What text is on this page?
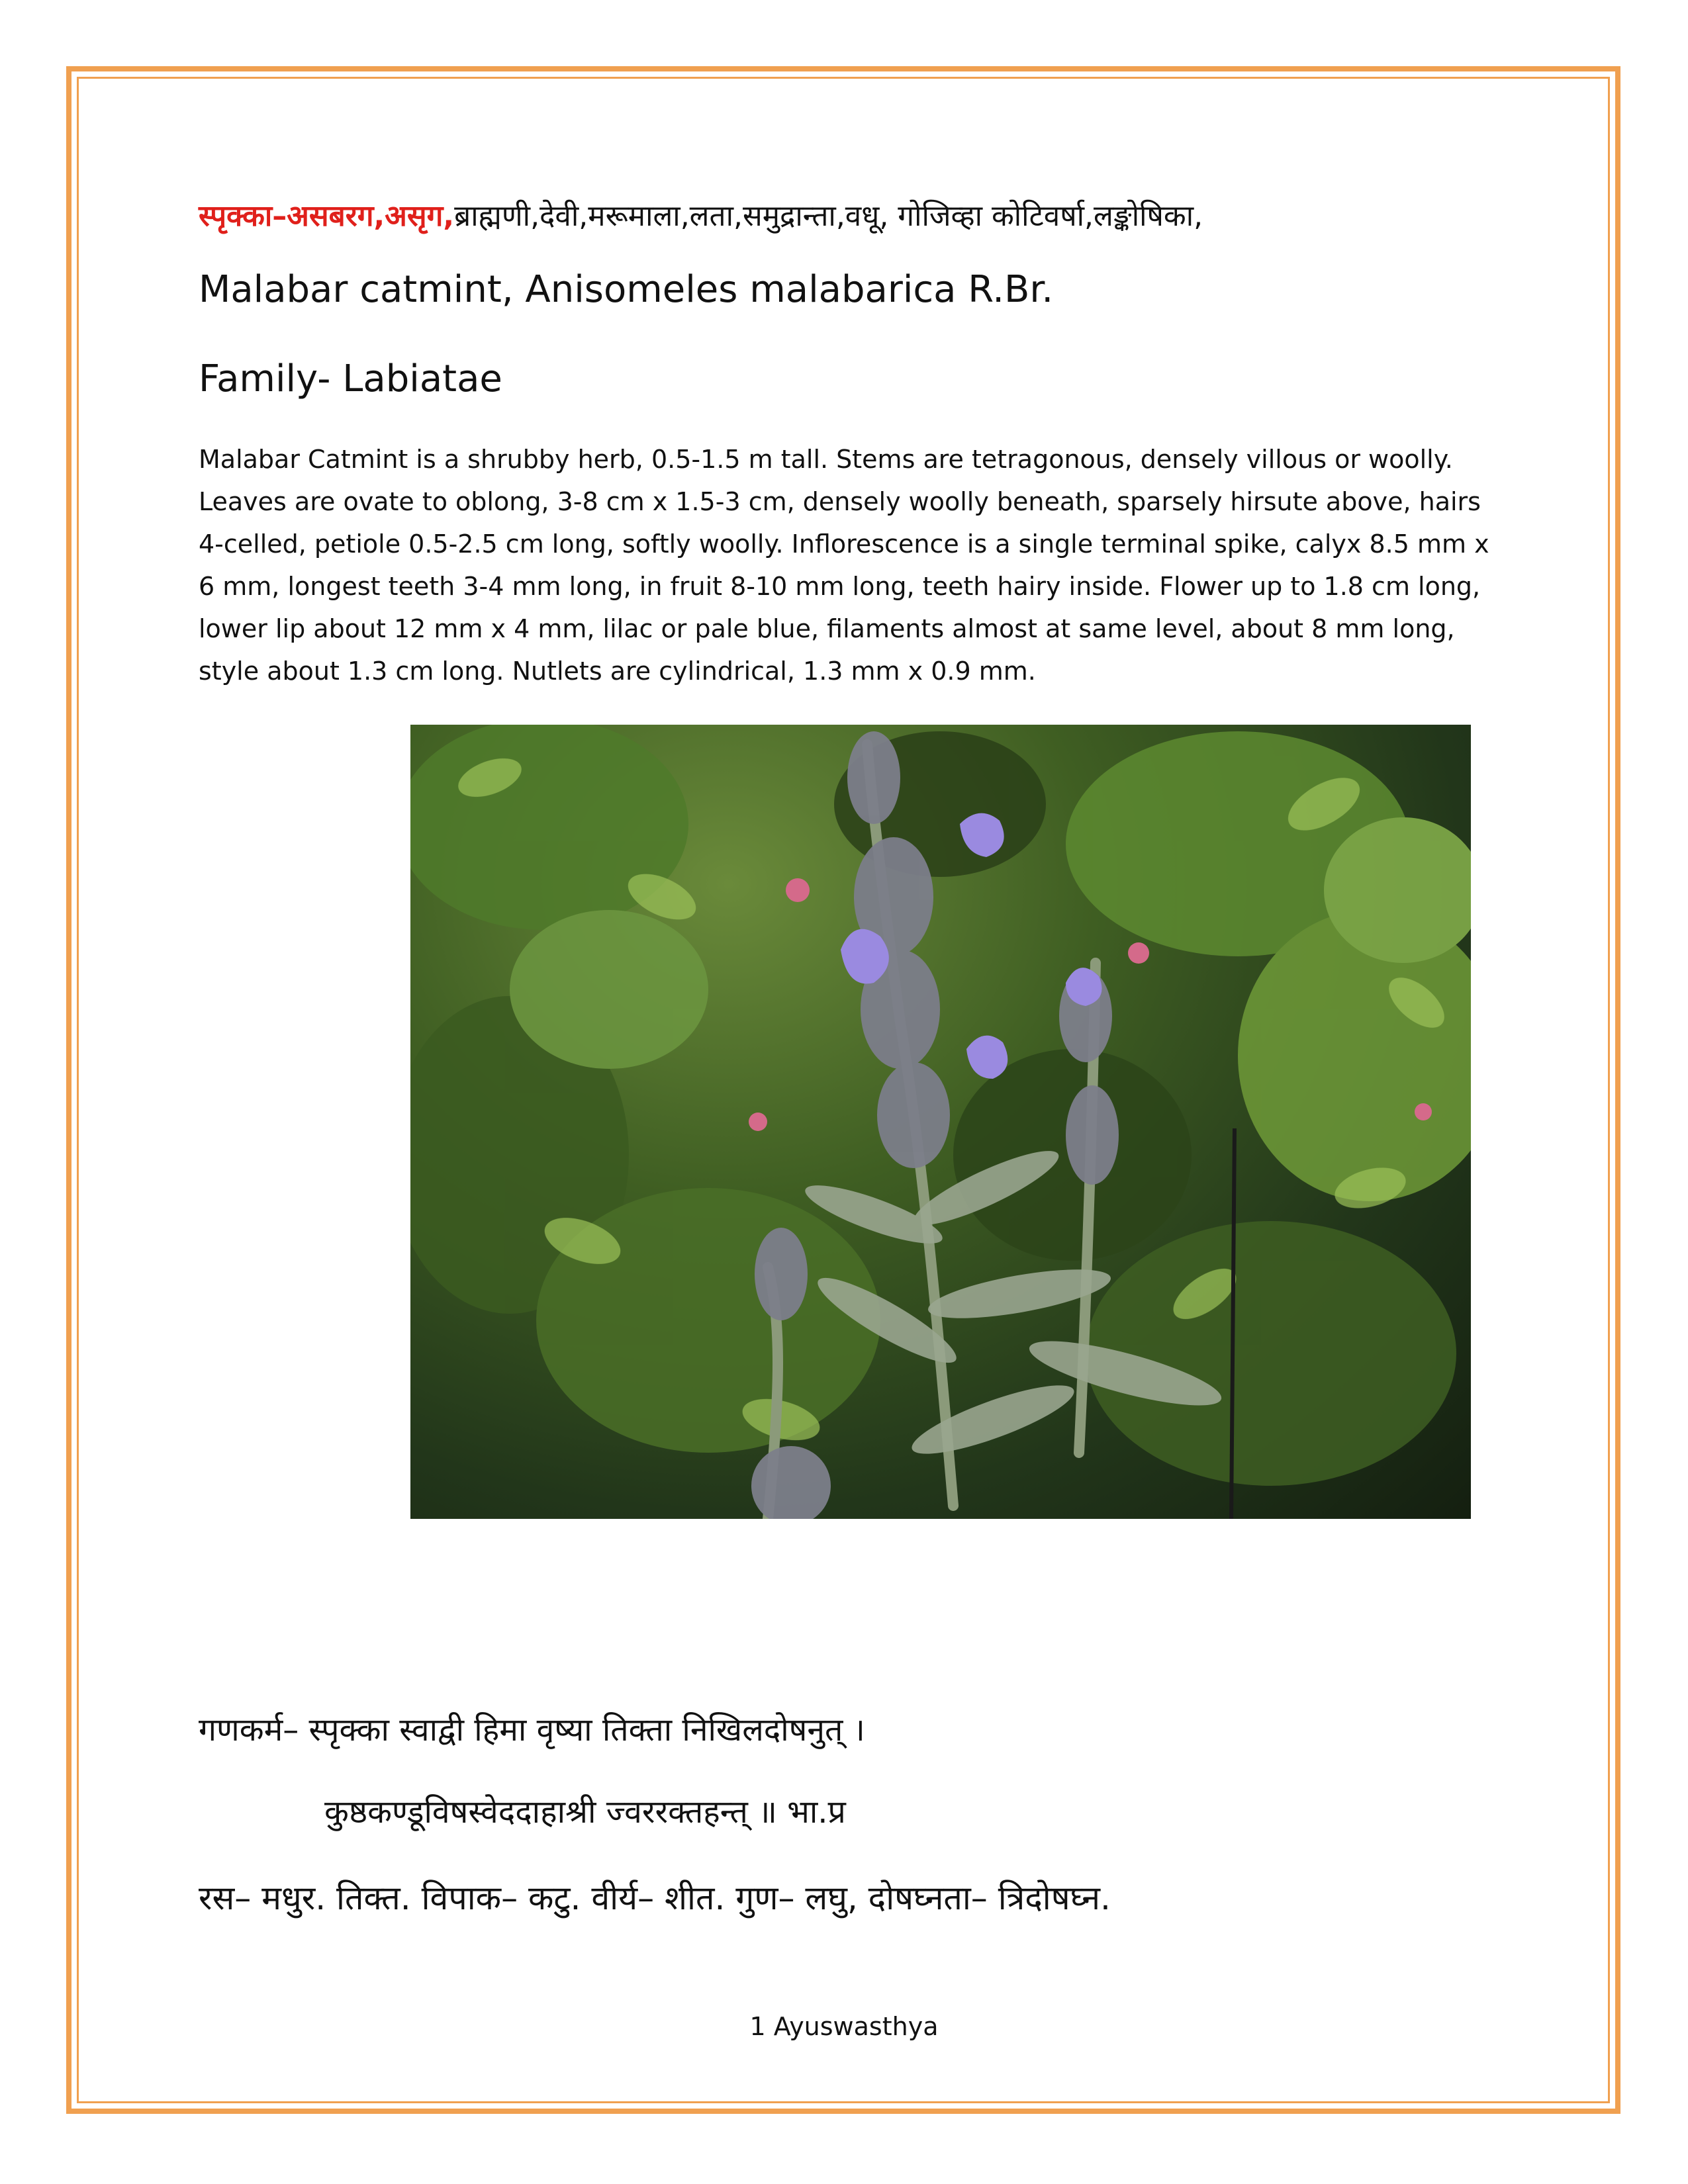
स्पृक्का–असबरग,असृग,ब्राह्मणी,देवी,मरूमाला,लता,समुद्रान्ता,वधू, गोजिव्हा कोटिवर्षा,लङ्कोषिका,
Malabar catmint, Anisomeles malabarica R.Br.
Family- Labiatae
Malabar Catmint is a shrubby herb, 0.5-1.5 m tall. Stems are tetragonous, densely villous or woolly. Leaves are ovate to oblong, 3-8 cm x 1.5-3 cm, densely woolly beneath, sparsely hirsute above, hairs 4-celled, petiole 0.5-2.5 cm long, softly woolly. Inflorescence is a single terminal spike, calyx 8.5 mm x 6 mm, longest teeth 3-4 mm long, in fruit 8-10 mm long, teeth hairy inside. Flower up to 1.8 cm long, lower lip about 12 mm x 4 mm, lilac or pale blue, filaments almost at same level, about 8 mm long, style about 1.3 cm long. Nutlets are cylindrical, 1.3 mm x 0.9 mm.
गणकर्म– स्पृक्का स्वाद्वी हिमा वृष्या तिक्ता निखिलदोषनुत् ।
कुष्ठकण्डूविषस्वेददाहाश्री ज्वररक्तहन्त् ॥ भा.प्र
रस– मधुर. तिक्त. विपाक– कटु. वीर्य– शीत. गुण– लघु, दोषघ्नता– त्रिदोषघ्न.
1 Ayuswasthya
